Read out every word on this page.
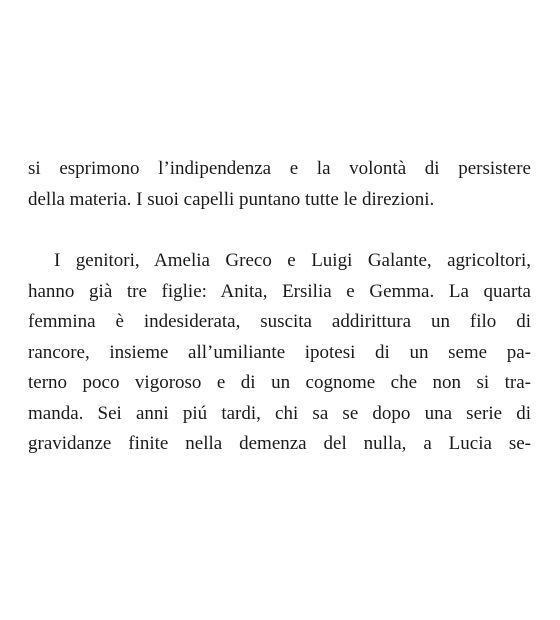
si esprimono l’indipendenza e la volontà di persistere
della materia. I suoi capelli puntano tutte le direzioni.
I genitori, Amelia Greco e Luigi Galante, agricoltori,
hanno già tre figlie: Anita, Ersilia e Gemma. La quarta
femmina è indesiderata, suscita addirittura un filo di
rancore, insieme all’umiliante ipotesi di un seme pa-
terno poco vigoroso e di un cognome che non si tra-
manda. Sei anni piú tardi, chi sa se dopo una serie di
gravidanze finite nella demenza del nulla, a Lucia se-
